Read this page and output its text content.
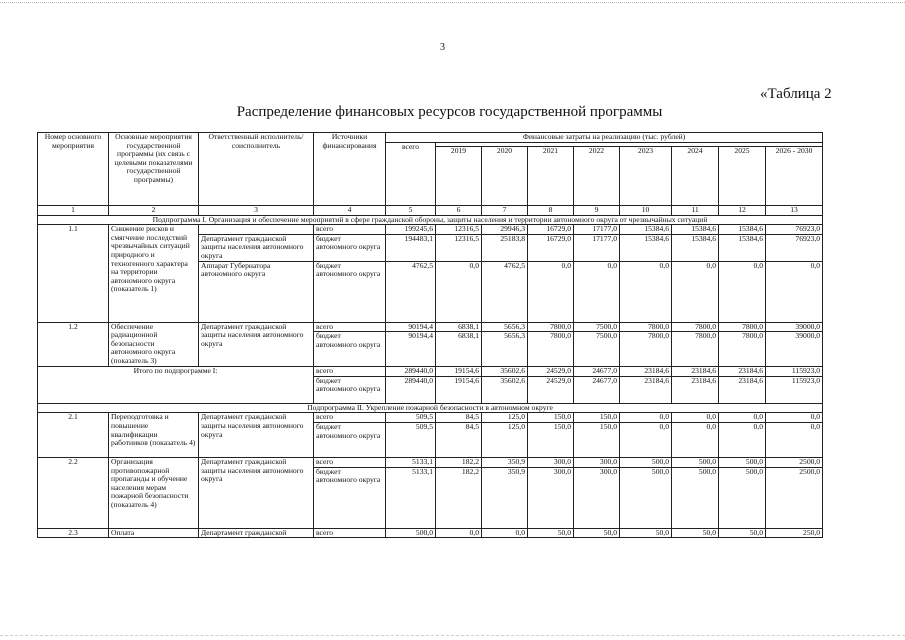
3
«Таблица 2
Распределение финансовых ресурсов государственной программы
Номер основного мероприятия	Основные мероприятия государственной программы (их связь с целевыми показателями государственной программы)	Ответственный исполнитель/соисполнитель	Источники финансирования	Финансовые затраты на реализацию (тыс. рублей)								
				всего								
					2019	2020	2021	2022	2023	2024	2025	2026 - 2030
1	2	3	4	5	6	7	8	9	10	11	12	13
Подпрограмма I. Организация и обеспечение мероприятий в сфере гражданской обороны, защиты населения и территории автономного округа от чрезвычайных ситуаций												
1.1	Снижение рисков и смягчение последствий чрезвычайных ситуаций природного и техногенного характера на территории автономного округа (показатель 1)		всего	199245,6	12316,5	29946,3	16729,0	17177,0	15384,6	15384,6	15384,6	76923,0
		Департамент гражданской защиты населения автономного округа	бюджет автономного округа	194483,1	12316,5	25183,8	16729,0	17177,0	15384,6	15384,6	15384,6	76923,0
		Аппарат Губернатора автономного округа	бюджет автономного округа	4762,5	0,0	4762,5	0,0	0,0	0,0	0,0	0,0	0,0
1.2	Обеспечение радиационной безопасности автономного округа (показатель 3)	Департамент гражданской защиты населения автономного округа	всего	90194,4	6838,1	5656,3	7800,0	7500,0	7800,0	7800,0	7800,0	39000,0
			бюджет автономного округа	90194,4	6838,1	5656,3	7800,0	7500,0	7800,0	7800,0	7800,0	39000,0
Итого по подпрограмме I:			всего	289440,0	19154,6	35602,6	24529,0	24677,0	23184,6	23184,6	23184,6	115923,0
			бюджет автономного округа	289440,0	19154,6	35602,6	24529,0	24677,0	23184,6	23184,6	23184,6	115923,0
Подпрограмма II. Укрепление пожарной безопасности в автономном округе												
2.1	Переподготовка и повышение квалификации работников (показатель 4)	Департамент гражданской защиты населения автономного округа	всего	509,5	84,5	125,0	150,0	150,0	0,0	0,0	0,0	0,0
			бюджет автономного округа	509,5	84,5	125,0	150,0	150,0	0,0	0,0	0,0	0,0
2.2	Организация противопожарной пропаганды и обучение населения мерам пожарной безопасности (показатель 4)	Департамент гражданской защиты населения автономного округа	всего	5133,1	182,2	350,9	300,0	300,0	500,0	500,0	500,0	2500,0
			бюджет автономного округа	5133,1	182,2	350,9	300,0	300,0	500,0	500,0	500,0	2500,0
2.3	Оплата	Департамент гражданской	всего	500,0	0,0	0,0	50,0	50,0	50,0	50,0	50,0	250,0
